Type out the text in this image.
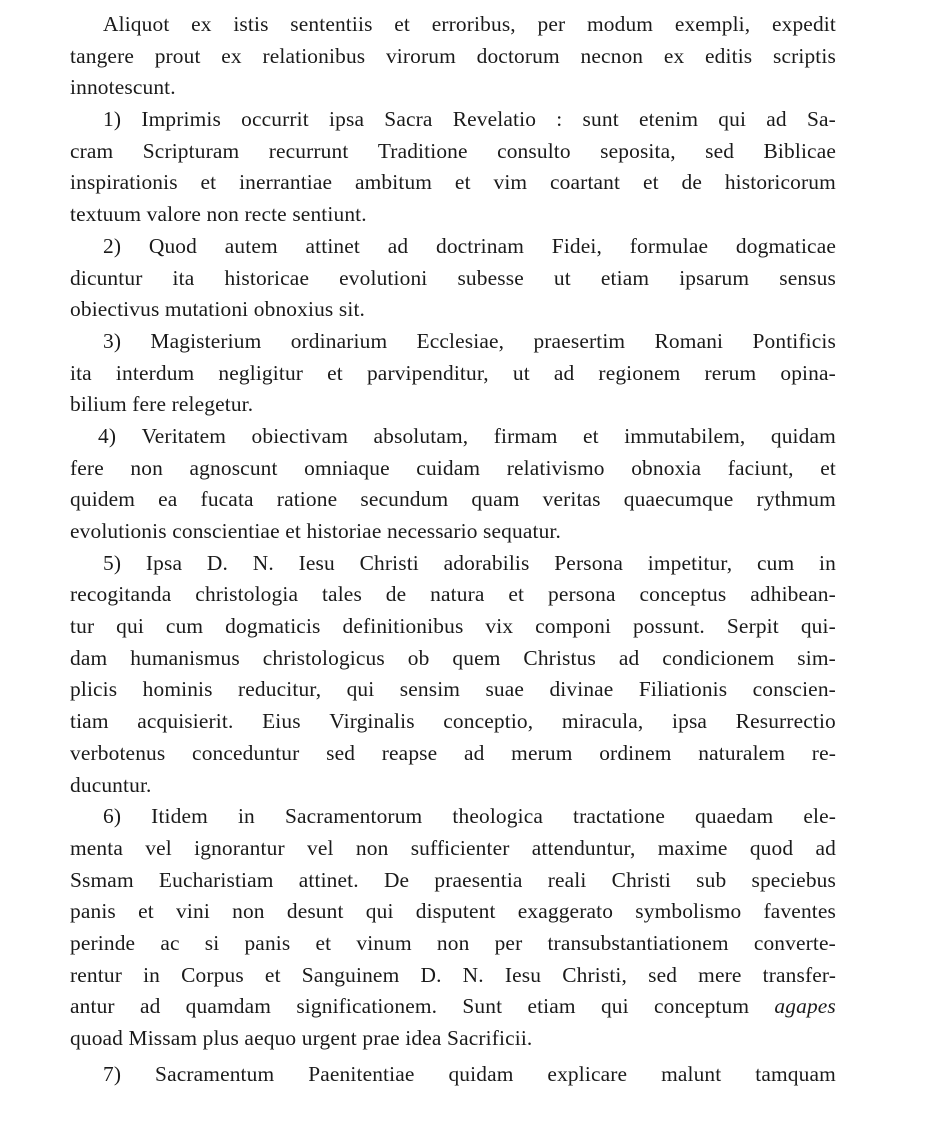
Aliquot ex istis sententiis et erroribus, per modum exempli, expedit
tangere prout ex relationibus virorum doctorum necnon ex editis scriptis
innotescunt.
1) Imprimis occurrit ipsa Sacra Revelatio : sunt etenim qui ad Sa-
cram Scripturam recurrunt Traditione consulto seposita, sed Biblicae
inspirationis et inerrantiae ambitum et vim coartant et de historicorum
textuum valore non recte sentiunt.
2) Quod autem attinet ad doctrinam Fidei, formulae dogmaticae
dicuntur ita historicae evolutioni subesse ut etiam ipsarum sensus
obiectivus mutationi obnoxius sit.
3) Magisterium ordinarium Ecclesiae, praesertim Romani Pontificis
ita interdum negligitur et parvipenditur, ut ad regionem rerum opina-
bilium fere relegetur.
4) Veritatem obiectivam absolutam, firmam et immutabilem, quidam
fere non agnoscunt omniaque cuidam relativismo obnoxia faciunt, et
quidem ea fucata ratione secundum quam veritas quaecumque rythmum
evolutionis conscientiae et historiae necessario sequatur.
5) Ipsa D. N. Iesu Christi adorabilis Persona impetitur, cum in
recogitanda christologia tales de natura et persona conceptus adhibean-
tur qui cum dogmaticis definitionibus vix componi possunt. Serpit qui-
dam humanismus christologicus ob quem Christus ad condicionem sim-
plicis hominis reducitur, qui sensim suae divinae Filiationis conscien-
tiam acquisierit. Eius Virginalis conceptio, miracula, ipsa Resurrectio
verbotenus conceduntur sed reapse ad merum ordinem naturalem re-
ducuntur.
6) Itidem in Sacramentorum theologica tractatione quaedam ele-
menta vel ignorantur vel non sufficienter attenduntur, maxime quod ad
Ssmam Eucharistiam attinet. De praesentia reali Christi sub speciebus
panis et vini non desunt qui disputent exaggerato symbolismo faventes
perinde ac si panis et vinum non per transubstantiationem converte-
rentur in Corpus et Sanguinem D. N. Iesu Christi, sed mere transfer-
antur ad quamdam significationem. Sunt etiam qui conceptum agapes
quoad Missam plus aequo urgent prae idea Sacrificii.
7) Sacramentum Paenitentiae quidam explicare malunt tamquam
